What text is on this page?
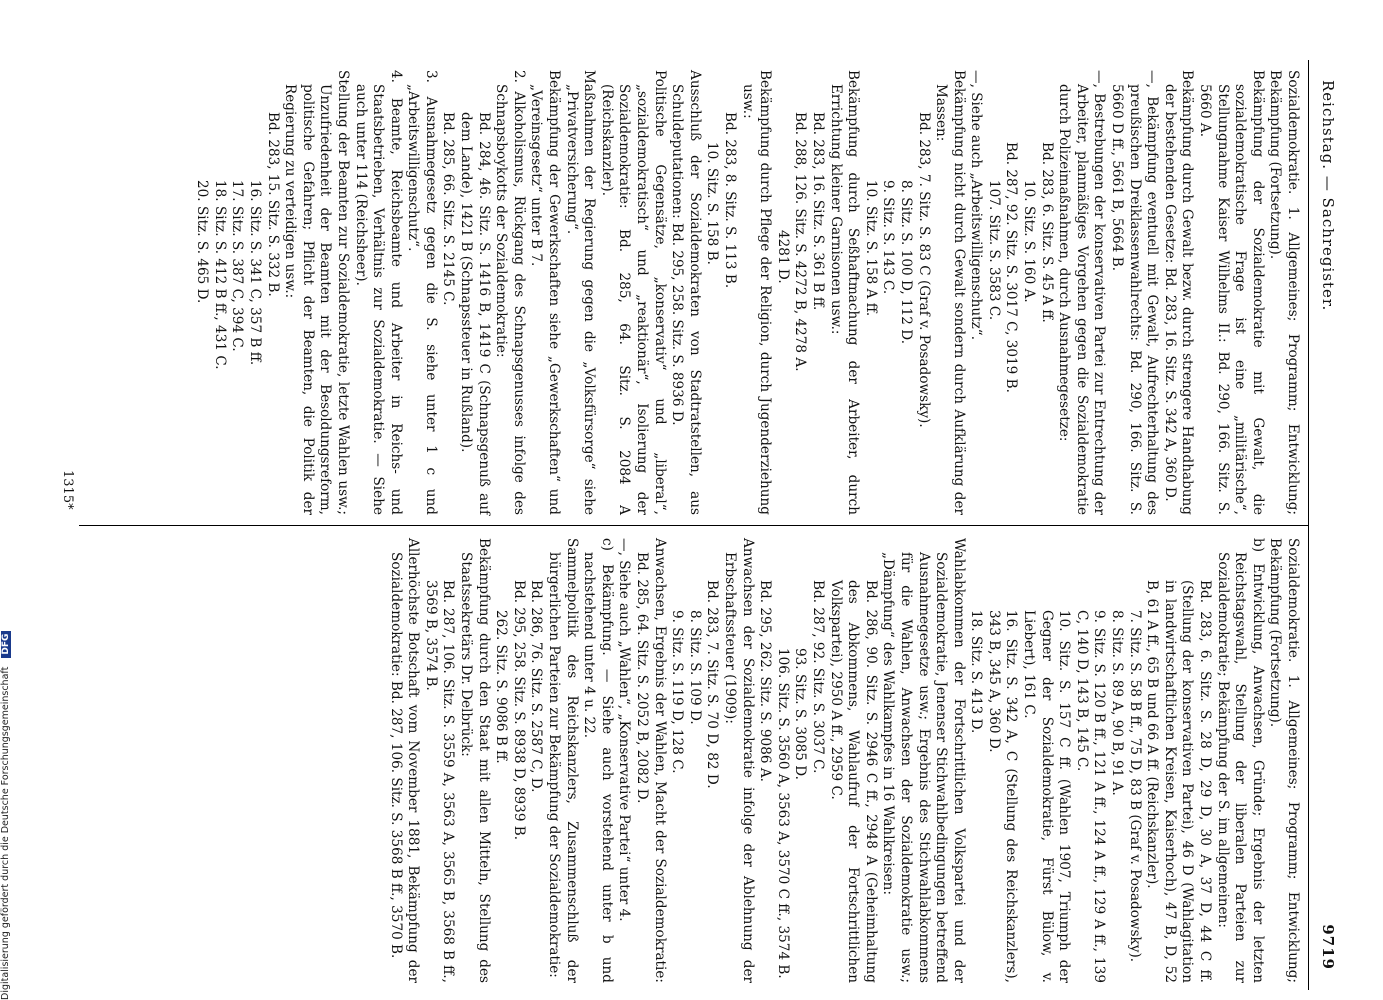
Reichstag. — Sachregister.
9719

Sozialdemokratie. 1. Allgemeines; Programm; Entwicklung; Bekämpfung (Fortsetzung).

Bekämpfung der Sozialdemokratie mit Gewalt, die sozialdemokratische Frage ist eine „militärische“, Stellungnahme Kaiser Wilhelms II.: Bd. 290, 166. Sitz. S. 5660 A.

Bekämpfung durch Gewalt bezw. durch strengere Handhabung der bestehenden Gesetze: Bd. 283, 16. Sitz. S. 342 A, 360 D.

—, Bekämpfung eventuell mit Gewalt, Aufrechterhaltung des preußischen Dreiklassenwahlrechts: Bd. 290, 166. Sitz. S. 5660 D ff., 5661 B, 5664 B.

—, Bestrebungen der konservativen Partei zur Entrechtung der Arbeiter, planmäßiges Vorgehen gegen die Sozialdemokratie durch Polizeimaßnahmen, durch Ausnahmegesetze:

Bd. 283, 6. Sitz. S. 45 A ff.

10. Sitz. S. 160 A.

Bd. 287, 92. Sitz. S. 3017 C, 3019 B.

107. Sitz. S. 3583 C.

—, Siehe auch „Arbeitswilligenschutz“.

Bekämpfung nicht durch Gewalt sondern durch Aufklärung der Massen:

Bd. 283, 7. Sitz. S. 83 C (Graf v. Posadowsky).

8. Sitz. S. 100 D, 112 D.

9. Sitz. S. 143 C.

10. Sitz. S. 158 A ff.

Bekämpfung durch Seßhaftmachung der Arbeiter, durch Errichtung kleiner Garnisonen usw.:

Bd. 283, 16. Sitz. S. 361 B ff.

Bd. 288, 126. Sitz. S. 4272 B, 4278 A.

4281 D.

Bekämpfung durch Pflege der Religion, durch Jugenderziehung usw.:

Bd. 283, 8. Sitz. S. 113 B.

10. Sitz. S. 158 B.

Ausschluß der Sozialdemokraten von Stadtratstellen, aus Schuldeputationen: Bd. 295, 258. Sitz. S. 8936 D.

Politische Gegensätze, „konservativ“ und „liberal“, „sozialdemokratisch“ und „reaktionär“, Isolierung der Sozialdemokratie: Bd. 285, 64. Sitz. S. 2084 A (Reichskanzler).

Maßnahmen der Regierung gegen die „Volksfürsorge“ siehe „Privatversicherung“.

Bekämpfung der Gewerkschaften siehe „Gewerkschaften“ und „Vereinsgesetz“ unter B 7.

2. Alkoholismus, Rückgang des Schnapsgenusses infolge des Schnapsboykotts der Sozialdemokratie:

Bd. 284, 46. Sitz. S. 1416 B, 1419 C (Schnapsgenuß auf dem Lande), 1421 B (Schnapssteuer in Rußland).

Bd. 285, 66. Sitz. S. 2145 C.

3. Ausnahmegesetz gegen die S. siehe unter 1 c und „Arbeitswilligenschutz“.

4. Beamte, Reichsbeamte und Arbeiter in Reichs- und Staatsbetrieben, Verhältnis zur Sozialdemokratie. — Siehe auch unter 114 (Reichsheer).

Stellung der Beamten zur Sozialdemokratie, letzte Wahlen usw.; Unzufriedenheit der Beamten mit der Besoldungsreform, politische Gefahren; Pflicht der Beamten, die Politik der Regierung zu verteidigen usw.:

Bd. 283, 15. Sitz. S. 332 B.

16. Sitz. S. 341 C, 357 B ff.

17. Sitz. S. 387 C, 394 C.

18. Sitz. S. 412 B ff., 431 C.

20. Sitz. S. 465 D.

Sozialdemokratie. 1. Allgemeines; Programm; Entwicklung; Bekämpfung (Fortsetzung).

b) Entwicklung, Anwachsen, Gründe; Ergebnis der letzten Reichstagswahl, Stellung der liberalen Parteien zur Sozialdemokratie; Bekämpfung der S. im allgemeinen:

Bd. 283, 6. Sitz. S. 28 D, 29 D, 30 A, 37 D, 44 C ff. (Stellung der konservativen Partei), 46 D (Wahlagitation in landwirtschaftlichen Kreisen, Kaiserhoch), 47 B, D, 52 B, 61 A ff., 65 B und 66 A ff. (Reichskanzler).

7. Sitz. S. 58 B ff., 75 D, 83 B (Graf v. Posadowsky).

8. Sitz. S. 89 A, 90 B, 91 A.

9. Sitz. S. 120 B ff., 121 A ff., 124 A ff., 129 A ff., 139 C, 140 D, 143 B, 145 C.

10. Sitz. S. 157 C ff. (Wahlen 1907, Triumph der Gegner der Sozialdemokratie, Fürst Bülow, v. Liebert), 161 C.

16. Sitz. S. 342 A, C (Stellung des Reichskanzlers), 343 B, 345 A, 360 D.

18. Sitz. S. 413 D.

Wahlabkommen der Fortschrittlichen Volkspartei und der Sozialdemokratie, Jenenser Stichwahlbedingungen betreffend Ausnahmegesetze usw.; Ergebnis des Stichwahlabkommens für die Wahlen, Anwachsen der Sozialdemokratie usw.; „Dämpfung“ des Wahlkampfes in 16 Wahlkreisen:

Bd. 286, 90. Sitz. S. 2946 C ff., 2948 A (Geheimhaltung des Abkommens, Wahlaufruf der Fortschrittlichen Volkspartei), 2950 A ff., 2959 C.

Bd. 287, 92. Sitz. S. 3037 C.

93. Sitz. S. 3085 D.

106. Sitz. S. 3560 A, 3563 A, 3570 C ff., 3574 B.

Bd. 295, 262. Sitz. S. 9086 A.

Anwachsen der Sozialdemokratie infolge der Ablehnung der Erbschaftssteuer (1909):

Bd. 283, 7. Sitz. S. 70 D, 82 D.

8. Sitz. S. 109 D.

9. Sitz. S. 119 D, 128 C.

Anwachsen, Ergebnis der Wahlen, Macht der Sozialdemokratie: Bd. 285, 64. Sitz. S. 2052 B, 2082 D.

—, Siehe auch „Wahlen“, „Konservative Partei“ unter 4.

c) Bekämpfung. — Siehe auch vorstehend unter b und nachstehend unter 4 u. 22.

Sammelpolitik des Reichskanzlers, Zusammenschluß der bürgerlichen Parteien zur Bekämpfung der Sozialdemokratie:

Bd. 286, 76. Sitz. S. 2587 C, D.

Bd. 295, 258. Sitz. S. 8938 D, 8939 B.

262. Sitz. S. 9086 B ff.

Bekämpfung durch den Staat mit allen Mitteln, Stellung des Staatssekretärs Dr. Delbrück:

Bd. 287, 106. Sitz. S. 3559 A, 3563 A, 3565 B, 3568 B ff., 3569 B, 3574 B.

Allerhöchste Botschaft vom November 1881, Bekämpfung der Sozialdemokratie: Bd. 287, 106. Sitz. S. 3568 B ff., 3570 B.

1315*
Digitalisierung gefördert durch die Deutsche Forschungsgemeinschaft DFG
